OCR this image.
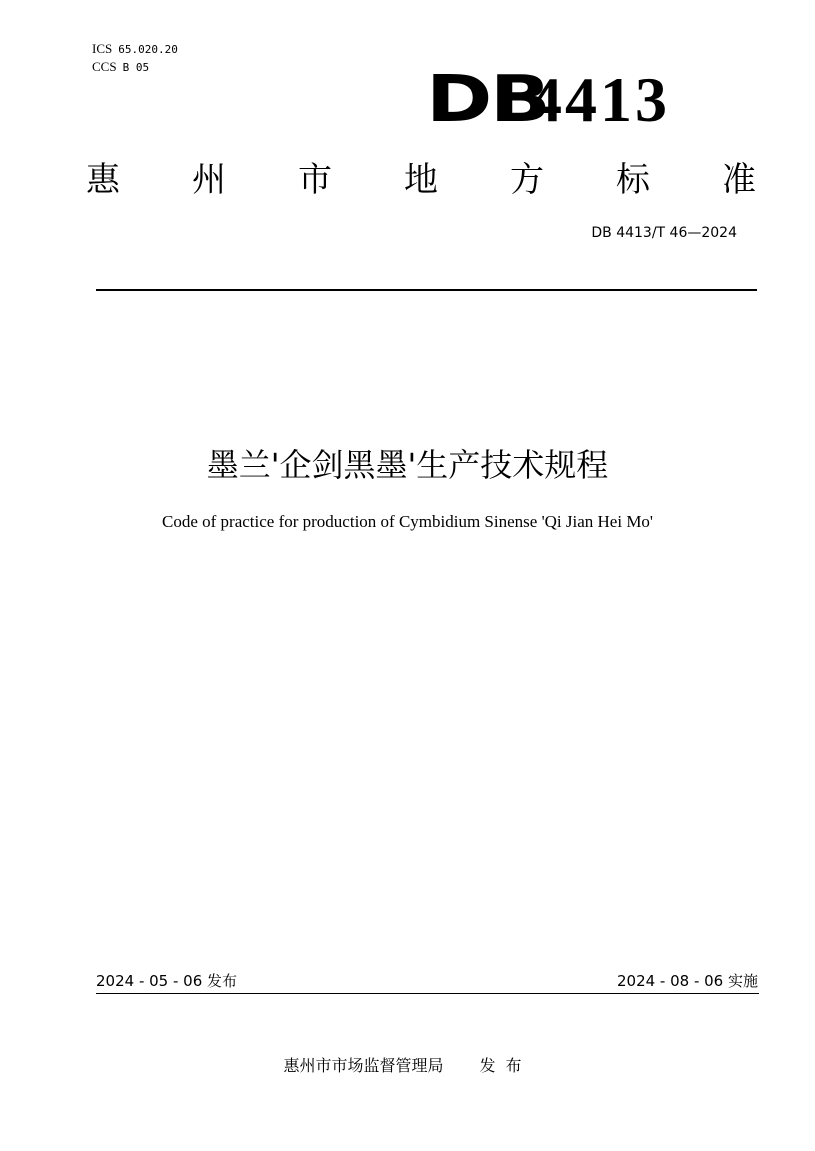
ICS 65.020.20
CCS B 05	DB
4413
惠 州 市 地 方 标 准
DB 4413/T 46—2024
墨兰'企剑黑墨'生产技术规程
Code of practice for production of Cymbidium Sinense 'Qi Jian Hei Mo'
2024 - 05 - 06 发布	2024 - 08 - 06 实施
惠州市市场监督管理局 发布
